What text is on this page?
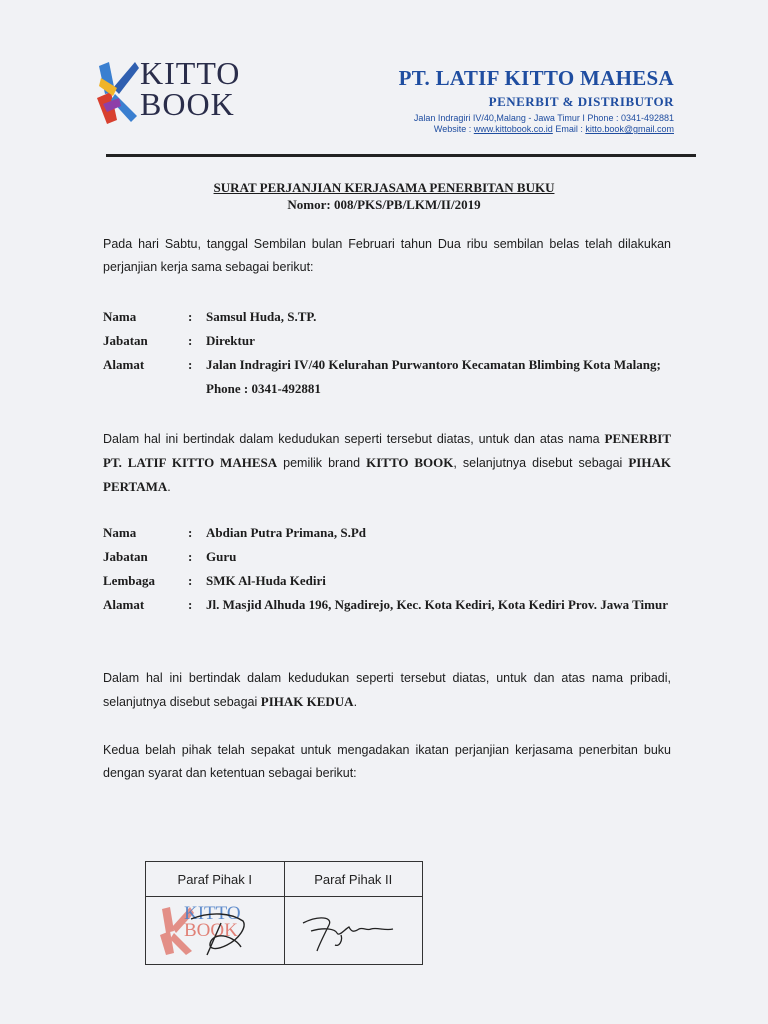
KITTO
BOOK
PT. LATIF KITTO MAHESA
PENERBIT & DISTRIBUTOR
Jalan Indragiri IV/40,Malang - Jawa Timur I Phone : 0341-492881
Website : www.kittobook.co.id Email : kitto.book@gmail.com
SURAT PERJANJIAN KERJASAMA PENERBITAN BUKU
Nomor: 008/PKS/PB/LKM/II/2019
Pada hari Sabtu, tanggal Sembilan bulan Februari tahun Dua ribu sembilan belas telah dilakukan perjanjian kerja sama sebagai berikut:
Nama	:	Samsul Huda, S.TP.
Jabatan	:	Direktur
Alamat	:	Jalan Indragiri IV/40 Kelurahan Purwantoro Kecamatan Blimbing Kota Malang; Phone : 0341-492881
Dalam hal ini bertindak dalam kedudukan seperti tersebut diatas, untuk dan atas nama PENERBIT PT. LATIF KITTO MAHESA pemilik brand KITTO BOOK, selanjutnya disebut sebagai PIHAK PERTAMA.
Nama	:	Abdian Putra Primana, S.Pd
Jabatan	:	Guru
Lembaga	:	SMK Al-Huda Kediri
Alamat	:	Jl. Masjid Alhuda 196, Ngadirejo, Kec. Kota Kediri, Kota Kediri Prov. Jawa Timur
Dalam hal ini bertindak dalam kedudukan seperti tersebut diatas, untuk dan atas nama pribadi, selanjutnya disebut sebagai PIHAK KEDUA.
Kedua belah pihak telah sepakat untuk mengadakan ikatan perjanjian kerjasama penerbitan buku dengan syarat dan ketentuan sebagai berikut:
Paraf Pihak I	Paraf Pihak II
KITTO
BOOK
